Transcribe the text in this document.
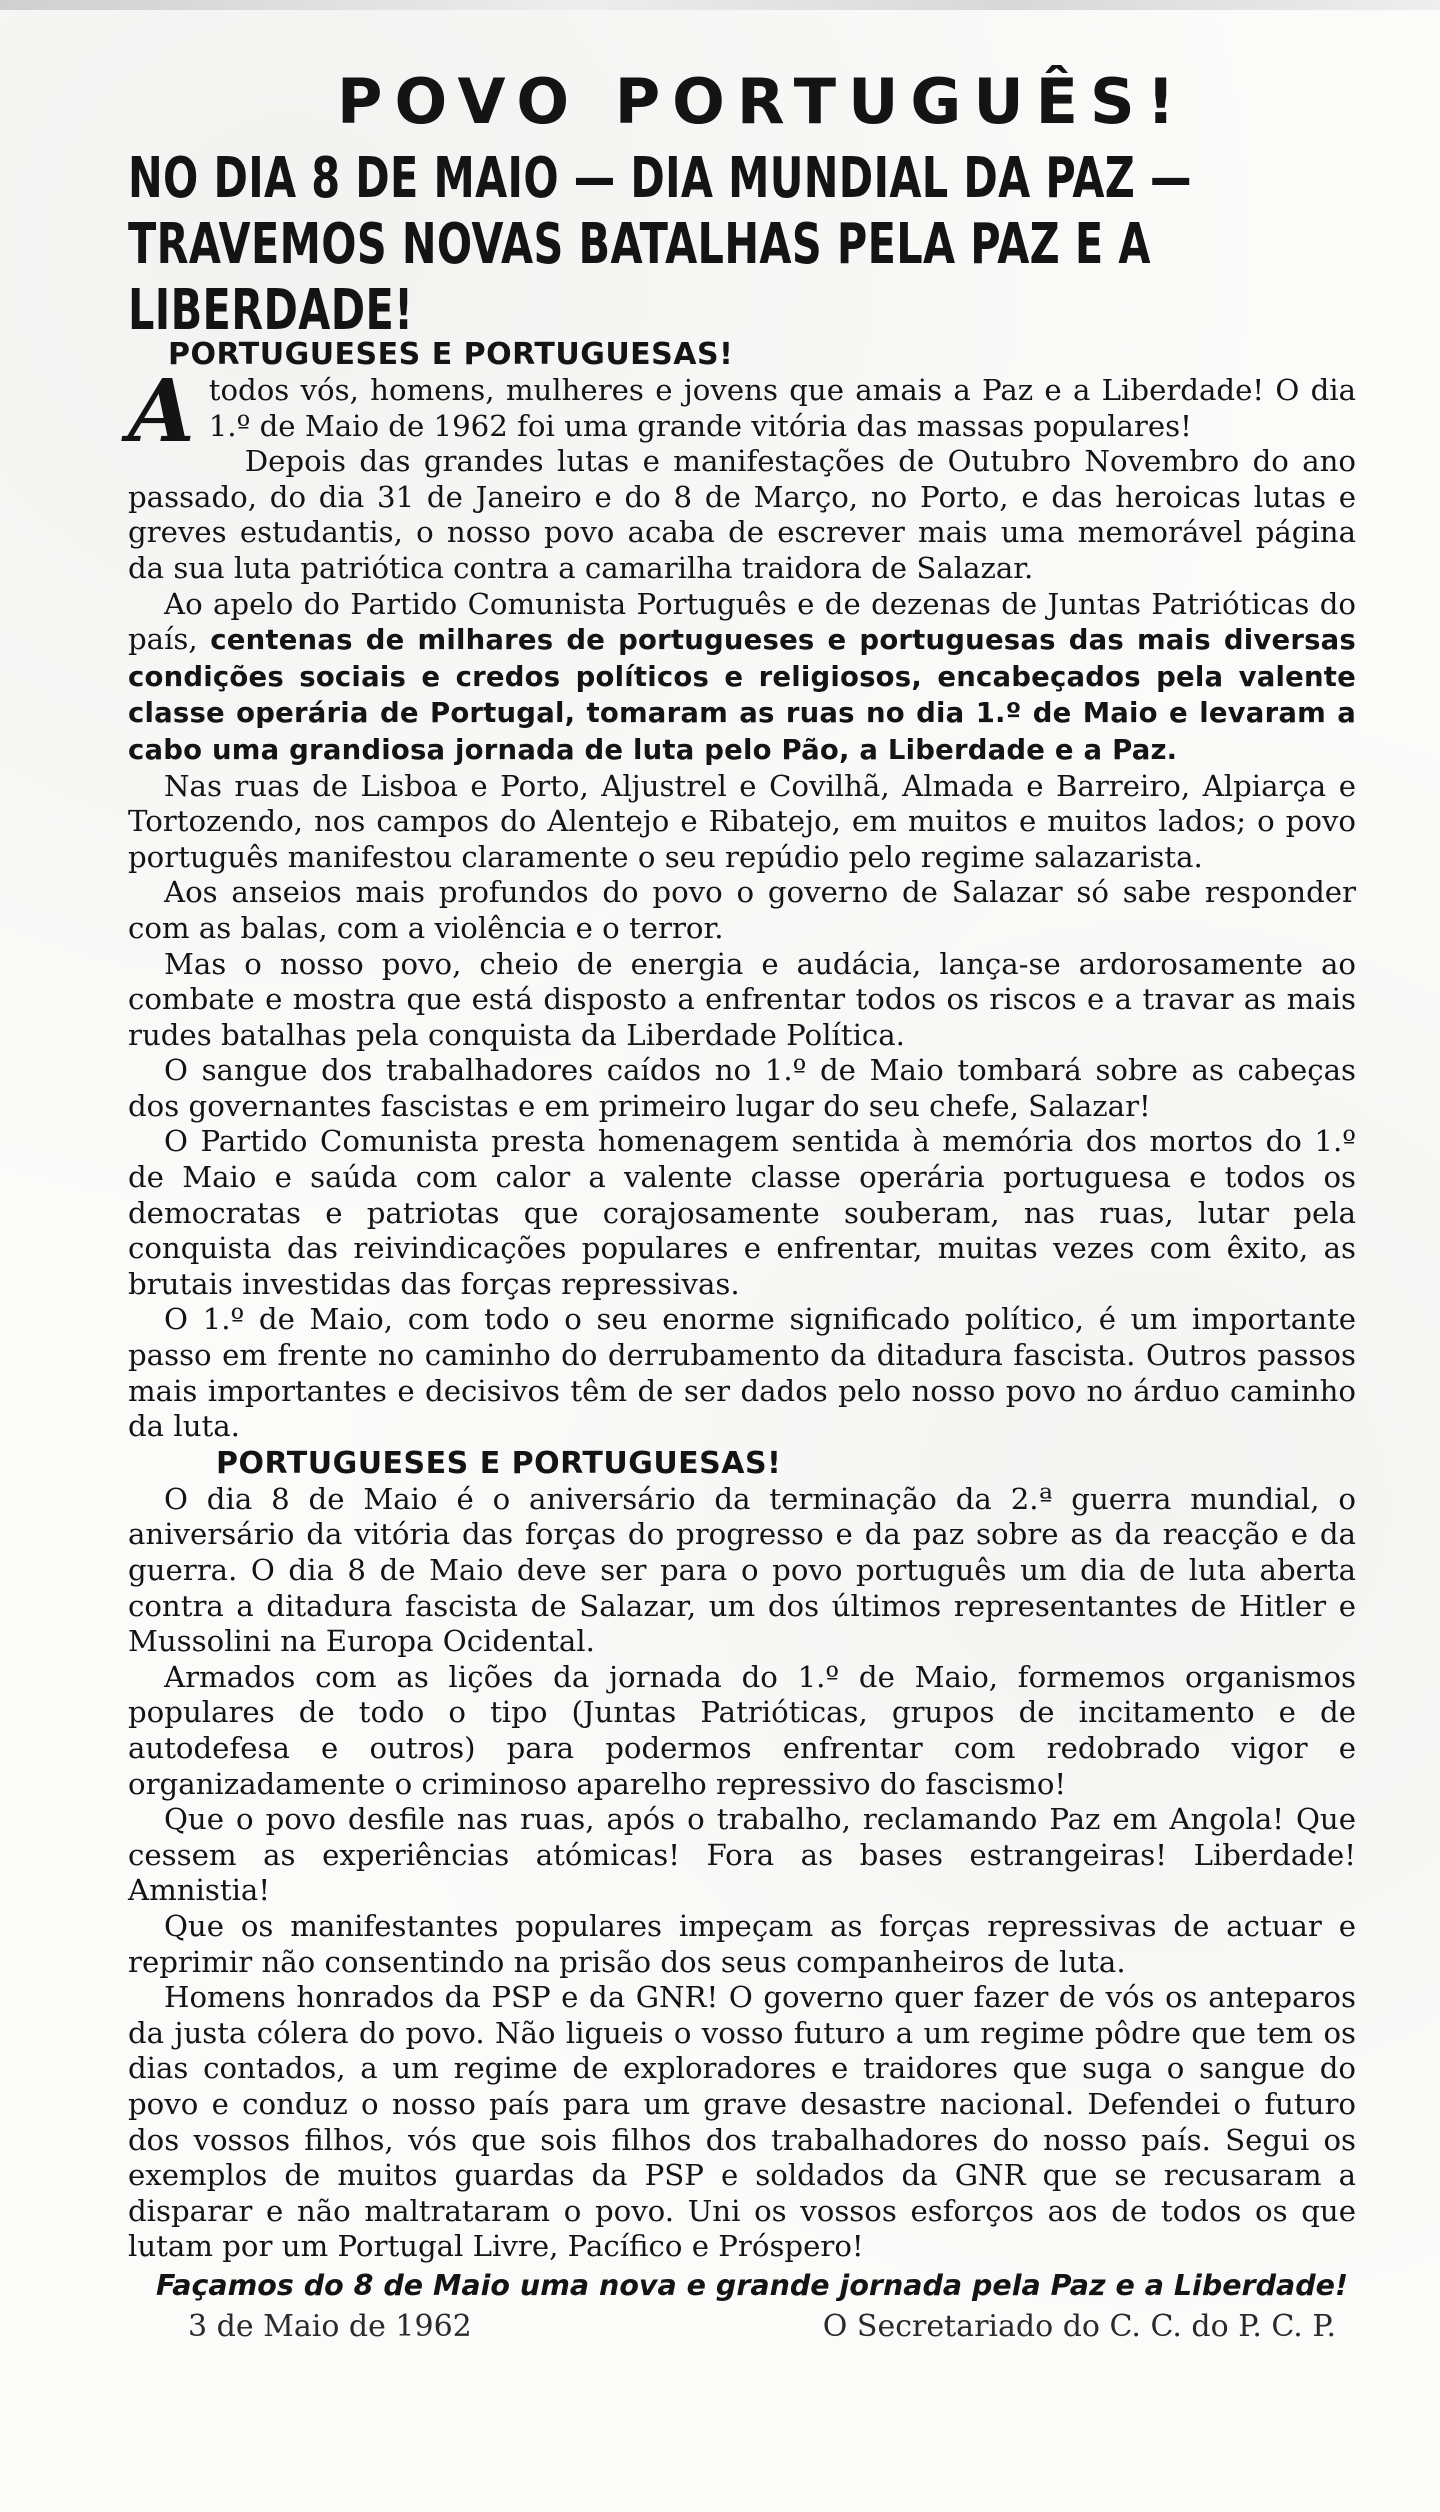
POVO PORTUGUÊS!
NO DIA 8 DE MAIO — DIA MUNDIAL DA PAZ — TRAVEMOS NOVAS BATALHAS PELA PAZ E A LIBERDADE!
PORTUGUESES E PORTUGUESAS!

Atodos vós, homens, mulheres e jovens que amais a Paz e a Liberdade! O dia 1.º de Maio de 1962 foi uma grande vitória das massas populares!

Depois das grandes lutas e manifestações de Outubro Novembro do ano passado, do dia 31 de Janeiro e do 8 de Março, no Porto, e das heroicas lutas e greves estudantis, o nosso povo acaba de escrever mais uma memorável página da sua luta patriótica contra a camarilha traidora de Salazar.

Ao apelo do Partido Comunista Português e de dezenas de Juntas Patrióticas do país, centenas de milhares de portugueses e portuguesas das mais diversas condições sociais e credos políticos e religiosos, encabeçados pela valente classe operária de Portugal, tomaram as ruas no dia 1.º de Maio e levaram a cabo uma grandiosa jornada de luta pelo Pão, a Liberdade e a Paz.

Nas ruas de Lisboa e Porto, Aljustrel e Covilhã, Almada e Barreiro, Alpiarça e Tortozendo, nos campos do Alentejo e Ribatejo, em muitos e muitos lados; o povo português manifestou claramente o seu repúdio pelo regime salazarista.

Aos anseios mais profundos do povo o governo de Salazar só sabe responder com as balas, com a violência e o terror.

Mas o nosso povo, cheio de energia e audácia, lança-se ardorosamente ao combate e mostra que está disposto a enfrentar todos os riscos e a travar as mais rudes batalhas pela conquista da Liberdade Política.

O sangue dos trabalhadores caídos no 1.º de Maio tombará sobre as cabeças dos governantes fascistas e em primeiro lugar do seu chefe, Salazar!

O Partido Comunista presta homenagem sentida à memória dos mortos do 1.º de Maio e saúda com calor a valente classe operária portuguesa e todos os democratas e patriotas que corajosamente souberam, nas ruas, lutar pela conquista das reivindicações populares e enfrentar, muitas vezes com êxito, as brutais investidas das forças repressivas.

O 1.º de Maio, com todo o seu enorme significado político, é um importante passo em frente no caminho do derrubamento da ditadura fascista. Outros passos mais importantes e decisivos têm de ser dados pelo nosso povo no árduo caminho da luta.

PORTUGUESES E PORTUGUESAS!

O dia 8 de Maio é o aniversário da terminação da 2.ª guerra mundial, o aniversário da vitória das forças do progresso e da paz sobre as da reacção e da guerra. O dia 8 de Maio deve ser para o povo português um dia de luta aberta contra a ditadura fascista de Salazar, um dos últimos representantes de Hitler e Mussolini na Europa Ocidental.

Armados com as lições da jornada do 1.º de Maio, formemos organismos populares de todo o tipo (Juntas Patrióticas, grupos de incitamento e de autodefesa e outros) para podermos enfrentar com redobrado vigor e organizadamente o criminoso aparelho repressivo do fascismo!

Que o povo desfile nas ruas, após o trabalho, reclamando Paz em Angola! Que cessem as experiências atómicas! Fora as bases estrangeiras! Liberdade! Amnistia!

Que os manifestantes populares impeçam as forças repressivas de actuar e reprimir não consentindo na prisão dos seus companheiros de luta.

Homens honrados da PSP e da GNR! O governo quer fazer de vós os anteparos da justa cólera do povo. Não ligueis o vosso futuro a um regime pôdre que tem os dias contados, a um regime de exploradores e traidores que suga o sangue do povo e conduz o nosso país para um grave desastre nacional. Defendei o futuro dos vossos filhos, vós que sois filhos dos trabalhadores do nosso país. Segui os exemplos de muitos guardas da PSP e soldados da GNR que se recusaram a disparar e não maltrataram o povo. Uni os vossos esforços aos de todos os que lutam por um Portugal Livre, Pacífico e Próspero!

Façamos do 8 de Maio uma nova e grande jornada pela Paz e a Liberdade!
3 de Maio de 1962	O Secretariado do C. C. do P. C. P.
